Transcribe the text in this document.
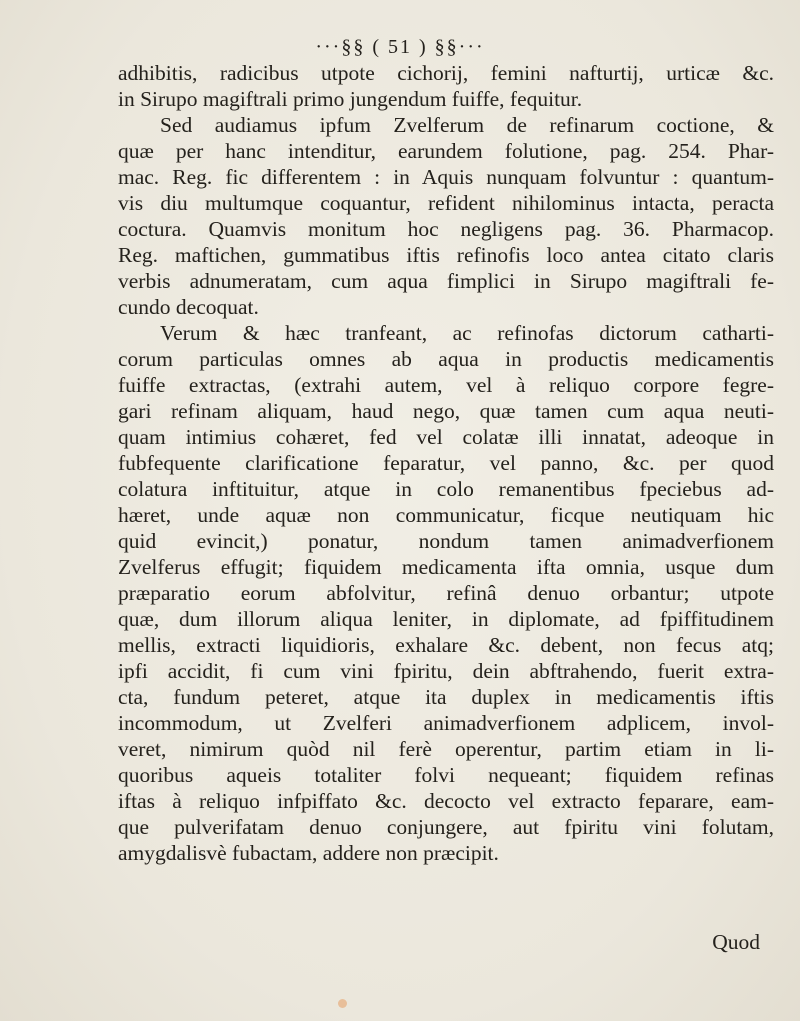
···§§ ( 51 ) §§···
adhibitis, radicibus utpote cichorij, femini nafturtij, urticæ &c.
in Sirupo magiftrali primo jungendum fuiffe, fequitur.
Sed audiamus ipfum Zvelferum de refinarum coctione, &
quæ per hanc intenditur, earundem folutione, pag. 254. Phar-
mac. Reg. fic differentem : in Aquis nunquam folvuntur : quantum-
vis diu multumque coquantur, refident nihilominus intacta, peracta
coctura. Quamvis monitum hoc negligens pag. 36. Pharmacop.
Reg. maftichen, gummatibus iftis refinofis loco antea citato claris
verbis adnumeratam, cum aqua fimplici in Sirupo magiftrali fe-
cundo decoquat.
Verum & hæc tranfeant, ac refinofas dictorum catharti-
corum particulas omnes ab aqua in productis medicamentis
fuiffe extractas, (extrahi autem, vel à reliquo corpore fegre-
gari refinam aliquam, haud nego, quæ tamen cum aqua neuti-
quam intimius cohæret, fed vel colatæ illi innatat, adeoque in
fubfequente clarificatione feparatur, vel panno, &c. per quod
colatura inftituitur, atque in colo remanentibus fpeciebus ad-
hæret, unde aquæ non communicatur, ficque neutiquam hic
quid evincit,) ponatur, nondum tamen animadverfionem
Zvelferus effugit; fiquidem medicamenta ifta omnia, usque dum
præparatio eorum abfolvitur, refinâ denuo orbantur; utpote
quæ, dum illorum aliqua leniter, in diplomate, ad fpiffitudinem
mellis, extracti liquidioris, exhalare &c. debent, non fecus atq;
ipfi accidit, fi cum vini fpiritu, dein abftrahendo, fuerit extra-
cta, fundum peteret, atque ita duplex in medicamentis iftis
incommodum, ut Zvelferi animadverfionem adplicem, invol-
veret, nimirum quòd nil ferè operentur, partim etiam in li-
quoribus aqueis totaliter folvi nequeant; fiquidem refinas
iftas à reliquo infpiffato &c. decocto vel extracto feparare, eam-
que pulverifatam denuo conjungere, aut fpiritu vini folutam,
amygdalisvè fubactam, addere non præcipit.
Quod
